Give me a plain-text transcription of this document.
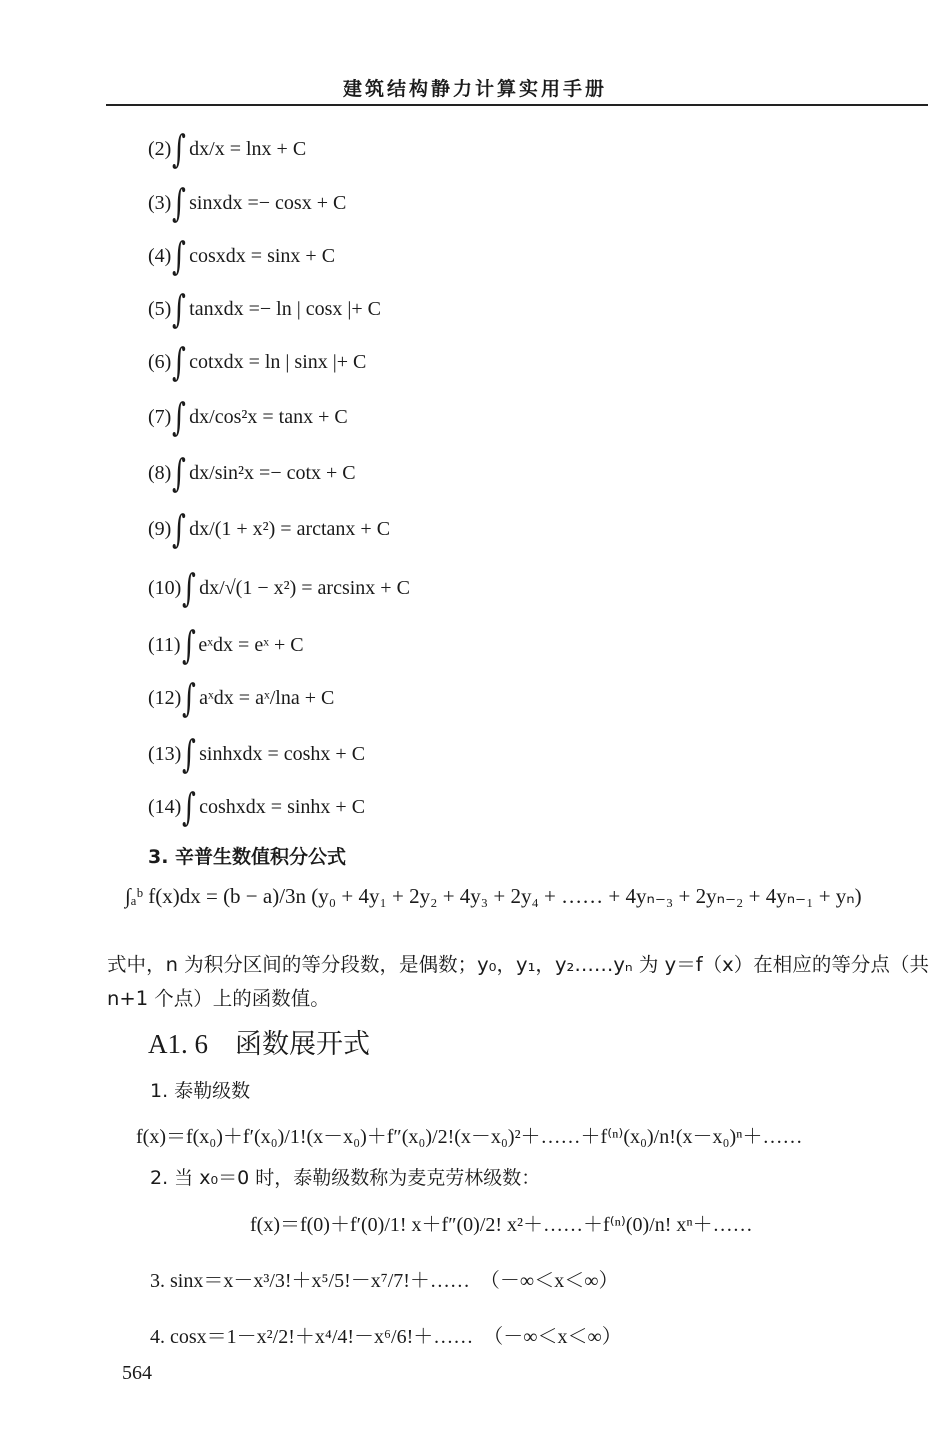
建筑结构静力计算实用手册
(2)∫ dx/x = lnx + C
(3)∫ sinxdx =− cosx + C
(4)∫ cosxdx = sinx + C
(5)∫ tanxdx =− ln | cosx |+ C
(6)∫ cotxdx = ln | sinx |+ C
(7)∫ dx/cos²x = tanx + C
(8)∫ dx/sin²x =− cotx + C
(9)∫ dx/(1 + x²) = arctanx + C
(10)∫ dx/√(1 − x²) = arcsinx + C
(11)∫ eˣdx = eˣ + C
(12)∫ aˣdx = aˣ/lna + C
(13)∫ sinhxdx = coshx + C
(14)∫ coshxdx = sinhx + C
3. 辛普生数值积分公式
∫ₐᵇ f(x)dx = (b − a)/3n (y₀ + 4y₁ + 2y₂ + 4y₃ + 2y₄ + …… + 4yₙ₋₃ + 2yₙ₋₂ + 4yₙ₋₁ + yₙ)
式中，n 为积分区间的等分段数，是偶数；y₀，y₁，y₂……yₙ 为 y＝f（x）在相应的等分点（共 n+1 个点）上的函数值。
A1. 6　函数展开式
1. 泰勒级数
f(x)＝f(x₀)＋f′(x₀)/1!(x－x₀)＋f″(x₀)/2!(x－x₀)²＋……＋f⁽ⁿ⁾(x₀)/n!(x－x₀)ⁿ＋……
2. 当 x₀＝0 时，泰勒级数称为麦克劳林级数：
f(x)＝f(0)＋f′(0)/1! x＋f″(0)/2! x²＋……＋f⁽ⁿ⁾(0)/n! xⁿ＋……
3. sinx＝x－x³/3!＋x⁵/5!－x⁷/7!＋……　（－∞＜x＜∞）
4. cosx＝1－x²/2!＋x⁴/4!－x⁶/6!＋……　（－∞＜x＜∞）
564
